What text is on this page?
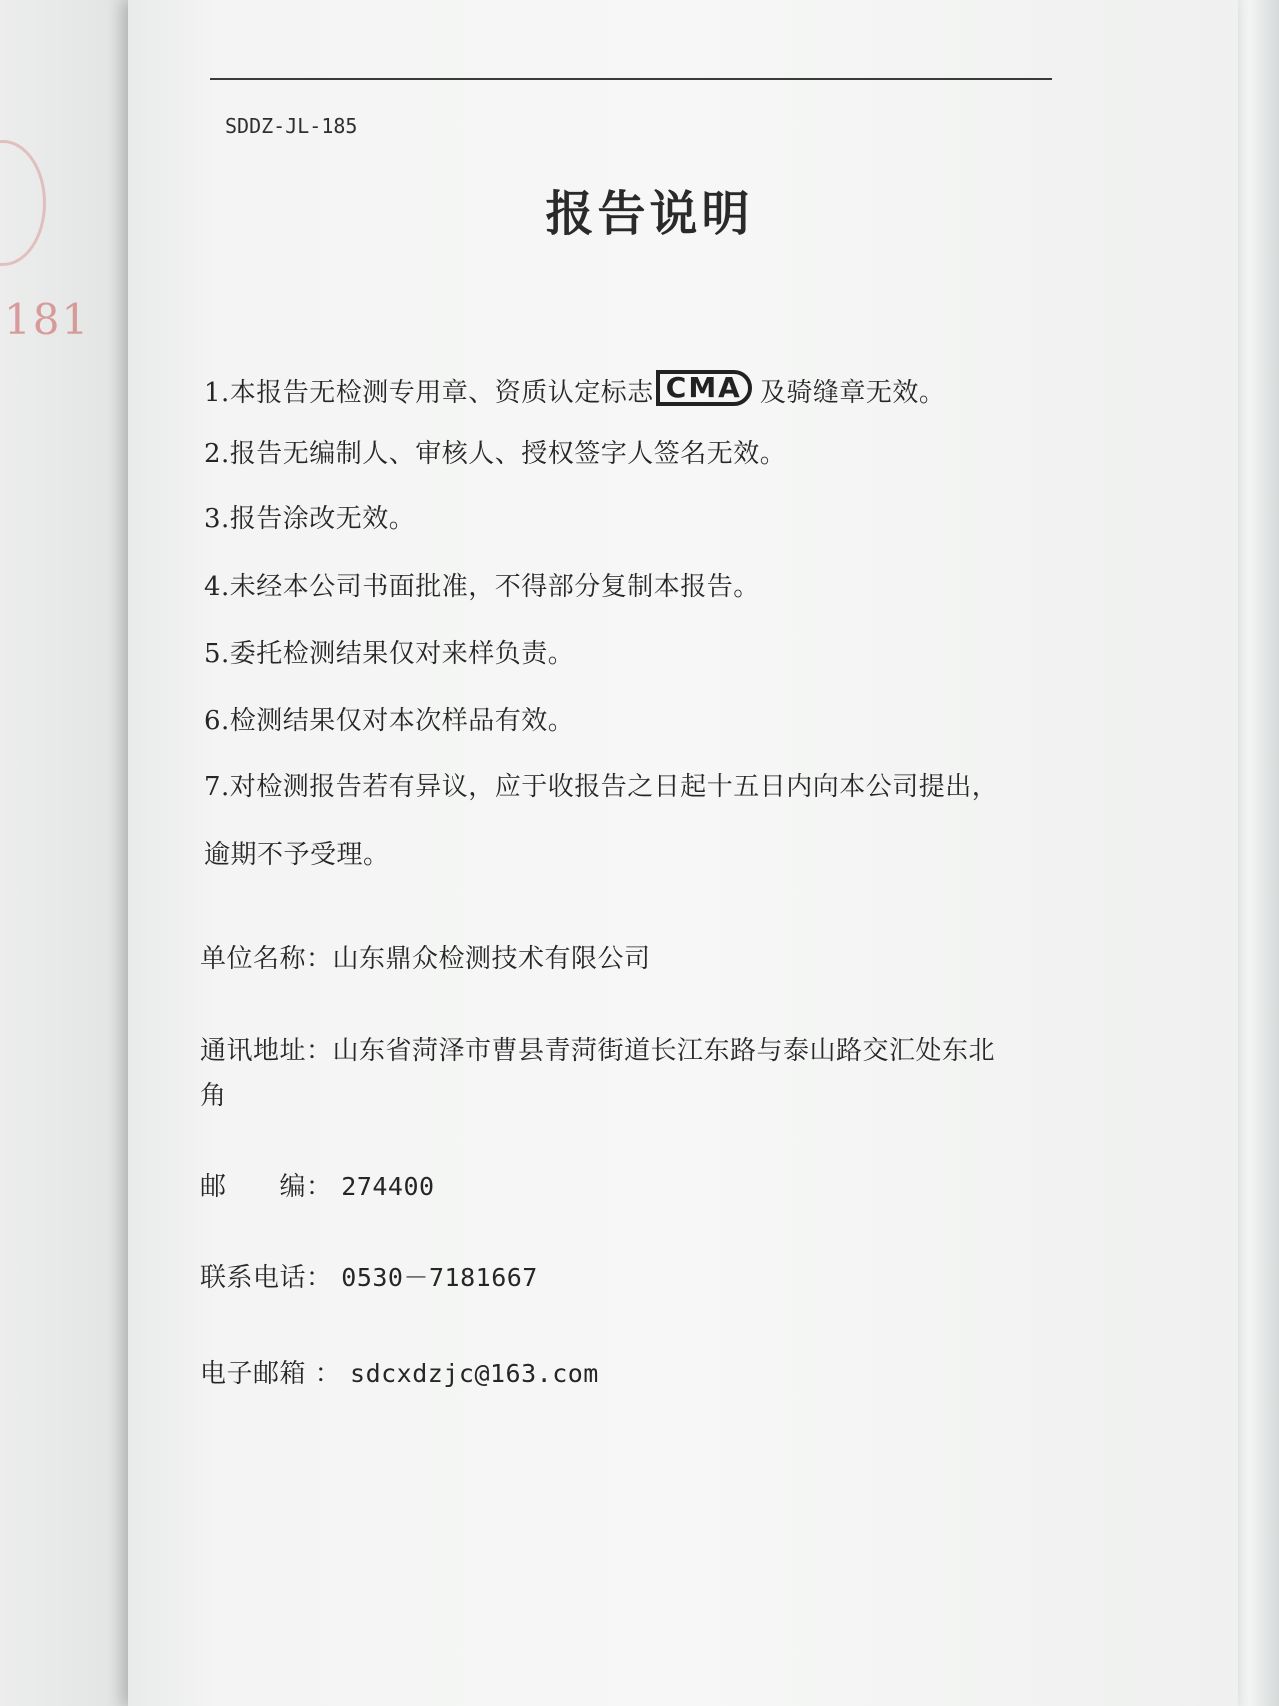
181
SDDZ-JL-185
报告说明
1.本报告无检测专用章、资质认定标志 CMA 及骑缝章无效。
2.报告无编制人、审核人、授权签字人签名无效。
3.报告涂改无效。
4.未经本公司书面批准，不得部分复制本报告。
5.委托检测结果仅对来样负责。
6.检测结果仅对本次样品有效。
7.对检测报告若有异议，应于收报告之日起十五日内向本公司提出，
逾期不予受理。
单位名称：山东鼎众检测技术有限公司
通讯地址：山东省菏泽市曹县青菏街道长江东路与泰山路交汇处东北
角
邮　　编： 274400
联系电话： 0530－7181667
电子邮箱 ： sdcxdzjc@163.com
